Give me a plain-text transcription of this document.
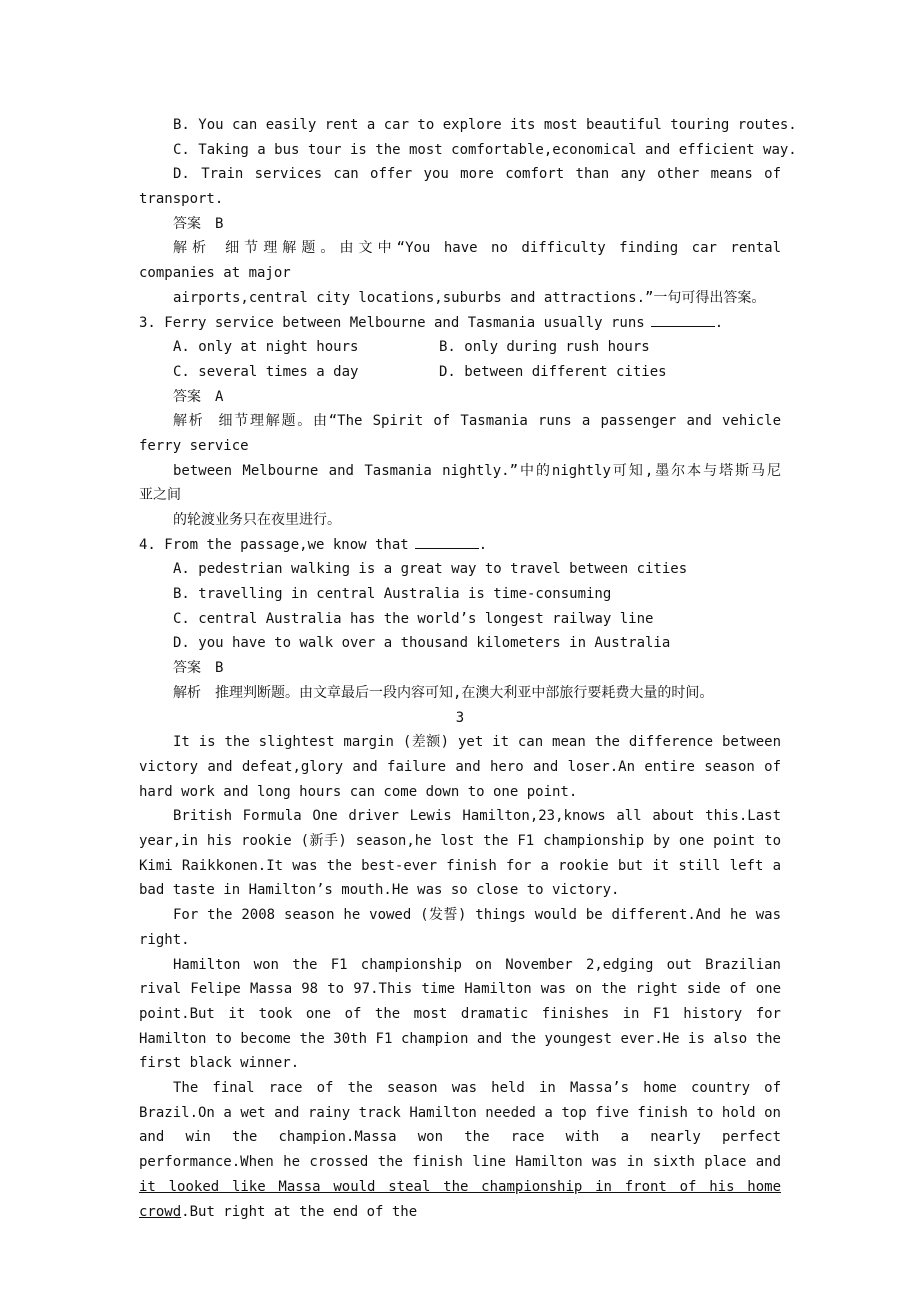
B. You can easily rent a car to explore its most beautiful touring routes.
C. Taking a bus tour is the most comfortable,economical and efficient way.
D. Train services can offer you more comfort than any other means of
transport.
答案 B
解析 细节理解题。由文中“You have no difficulty finding car rental
companies at major
airports,central city locations,suburbs and attractions.”一句可得出答案。
3. Ferry service between Melbourne and Tasmania usually runs	.
A. only at night hours	B. only during rush hours
C. several times a day	D. between different cities
答案 A
解析 细节理解题。由“The Spirit of Tasmania runs a passenger and vehicle
ferry service
between Melbourne and Tasmania nightly.”中的nightly可知,墨尔本与塔斯马尼
亚之间
的轮渡业务只在夜里进行。
4. From the passage,we know that	.
A. pedestrian walking is a great way to travel between cities
B. travelling in central Australia is time-consuming
C. central Australia has the world’s longest railway line
D. you have to walk over a thousand kilometers in Australia
答案 B
解析 推理判断题。由文章最后一段内容可知,在澳大利亚中部旅行要耗费大量的时间。
3

It is the slightest margin (差额) yet it can mean the difference between victory and defeat,glory and failure and hero and loser.An entire season of hard work and long hours can come down to one point.

British Formula One driver Lewis Hamilton,23,knows all about this.Last year,in his rookie (新手) season,he lost the F1 championship by one point to Kimi Raikkonen.It was the best-ever finish for a rookie but it still left a bad taste in Hamilton’s mouth.He was so close to victory.

For the 2008 season he vowed (发誓) things would be different.And he was right.

Hamilton won the F1 championship on November 2,edging out Brazilian rival Felipe Massa 98 to 97.This time Hamilton was on the right side of one point.But it took one of the most dramatic finishes in F1 history for Hamilton to become the 30th F1 champion and the youngest ever.He is also the first black winner.

The final race of the season was held in Massa’s home country of Brazil.On a wet and rainy track Hamilton needed a top five finish to hold on and win the champion.Massa won the race with a nearly perfect performance.When he crossed the finish line Hamilton was in sixth place and it looked like Massa would steal the championship in front of his home crowd.But right at the end of the
